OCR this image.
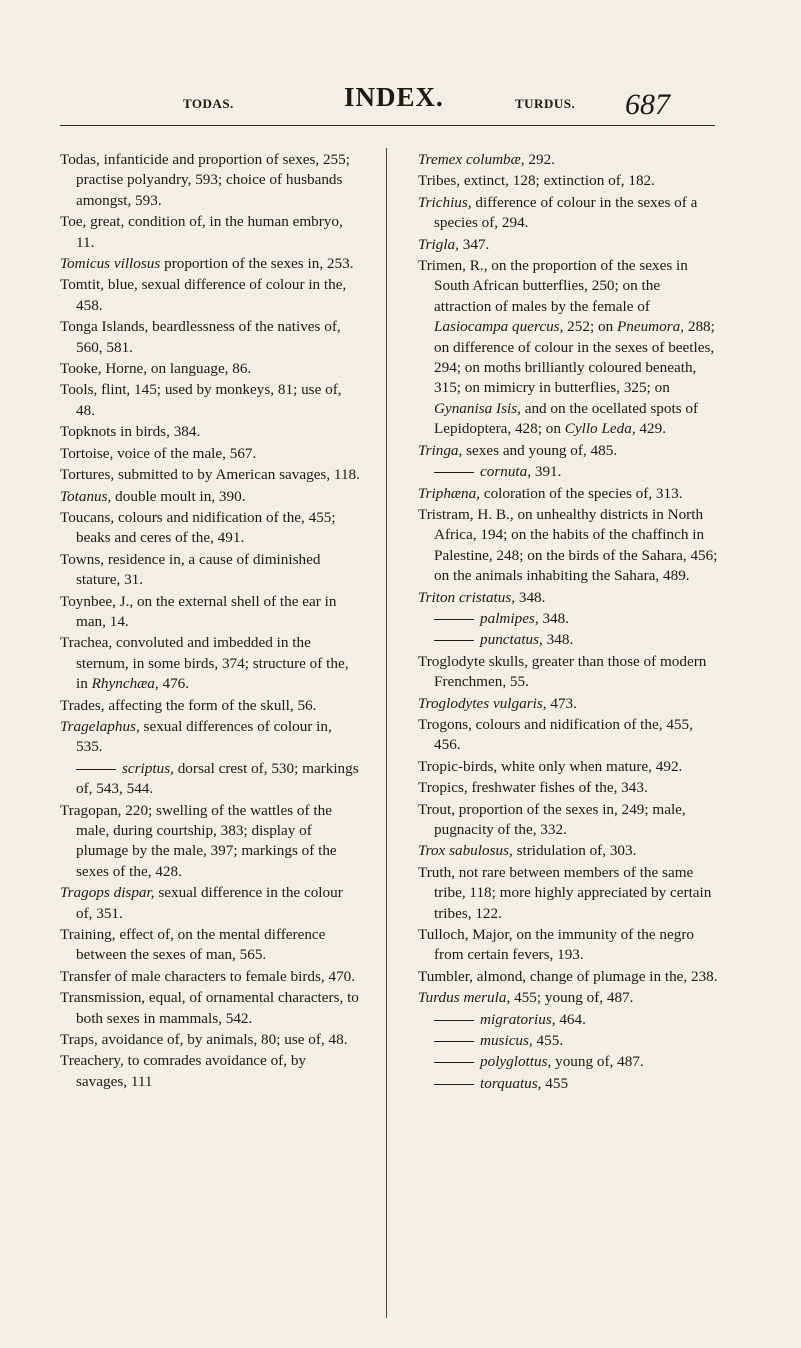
TODAS.	INDEX.	TURDUS. 687
Todas, infanticide and proportion of sexes, 255; practise polyandry, 593; choice of husbands amongst, 593.
Toe, great, condition of, in the human embryo, 11.
Tomicus villosus proportion of the sexes in, 253.
Tomtit, blue, sexual difference of colour in the, 458.
Tonga Islands, beardlessness of the natives of, 560, 581.
Tooke, Horne, on language, 86.
Tools, flint, 145; used by monkeys, 81; use of, 48.
Topknots in birds, 384.
Tortoise, voice of the male, 567.
Tortures, submitted to by American savages, 118.
Totanus, double moult in, 390.
Toucans, colours and nidification of the, 455; beaks and ceres of the, 491.
Towns, residence in, a cause of diminished stature, 31.
Toynbee, J., on the external shell of the ear in man, 14.
Trachea, convoluted and imbedded in the sternum, in some birds, 374; structure of the, in Rhynchæa, 476.
Trades, affecting the form of the skull, 56.
Tragelaphus, sexual differences of colour in, 535.
scriptus, dorsal crest of, 530; markings of, 543, 544.
Tragopan, 220; swelling of the wattles of the male, during courtship, 383; display of plumage by the male, 397; markings of the sexes of the, 428.
Tragops dispar, sexual difference in the colour of, 351.
Training, effect of, on the mental difference between the sexes of man, 565.
Transfer of male characters to female birds, 470.
Transmission, equal, of ornamental characters, to both sexes in mammals, 542.
Traps, avoidance of, by animals, 80; use of, 48.
Treachery, to comrades avoidance of, by savages, 111
Tremex columbæ, 292.
Tribes, extinct, 128; extinction of, 182.
Trichius, difference of colour in the sexes of a species of, 294.
Trigla, 347.
Trimen, R., on the proportion of the sexes in South African butterflies, 250; on the attraction of males by the female of Lasiocampa quercus, 252; on Pneumora, 288; on difference of colour in the sexes of beetles, 294; on moths brilliantly coloured beneath, 315; on mimicry in butterflies, 325; on Gynanisa Isis, and on the ocellated spots of Lepidoptera, 428; on Cyllo Leda, 429.
Tringa, sexes and young of, 485.
cornuta, 391.
Triphæna, coloration of the species of, 313.
Tristram, H. B., on unhealthy districts in North Africa, 194; on the habits of the chaffinch in Palestine, 248; on the birds of the Sahara, 456; on the animals inhabiting the Sahara, 489.
Triton cristatus, 348.
palmipes, 348.
punctatus, 348.
Troglodyte skulls, greater than those of modern Frenchmen, 55.
Troglodytes vulgaris, 473.
Trogons, colours and nidification of the, 455, 456.
Tropic-birds, white only when mature, 492.
Tropics, freshwater fishes of the, 343.
Trout, proportion of the sexes in, 249; male, pugnacity of the, 332.
Trox sabulosus, stridulation of, 303.
Truth, not rare between members of the same tribe, 118; more highly appreciated by certain tribes, 122.
Tulloch, Major, on the immunity of the negro from certain fevers, 193.
Tumbler, almond, change of plumage in the, 238.
Turdus merula, 455; young of, 487.
migratorius, 464.
musicus, 455.
polyglottus, young of, 487.
torquatus, 455
